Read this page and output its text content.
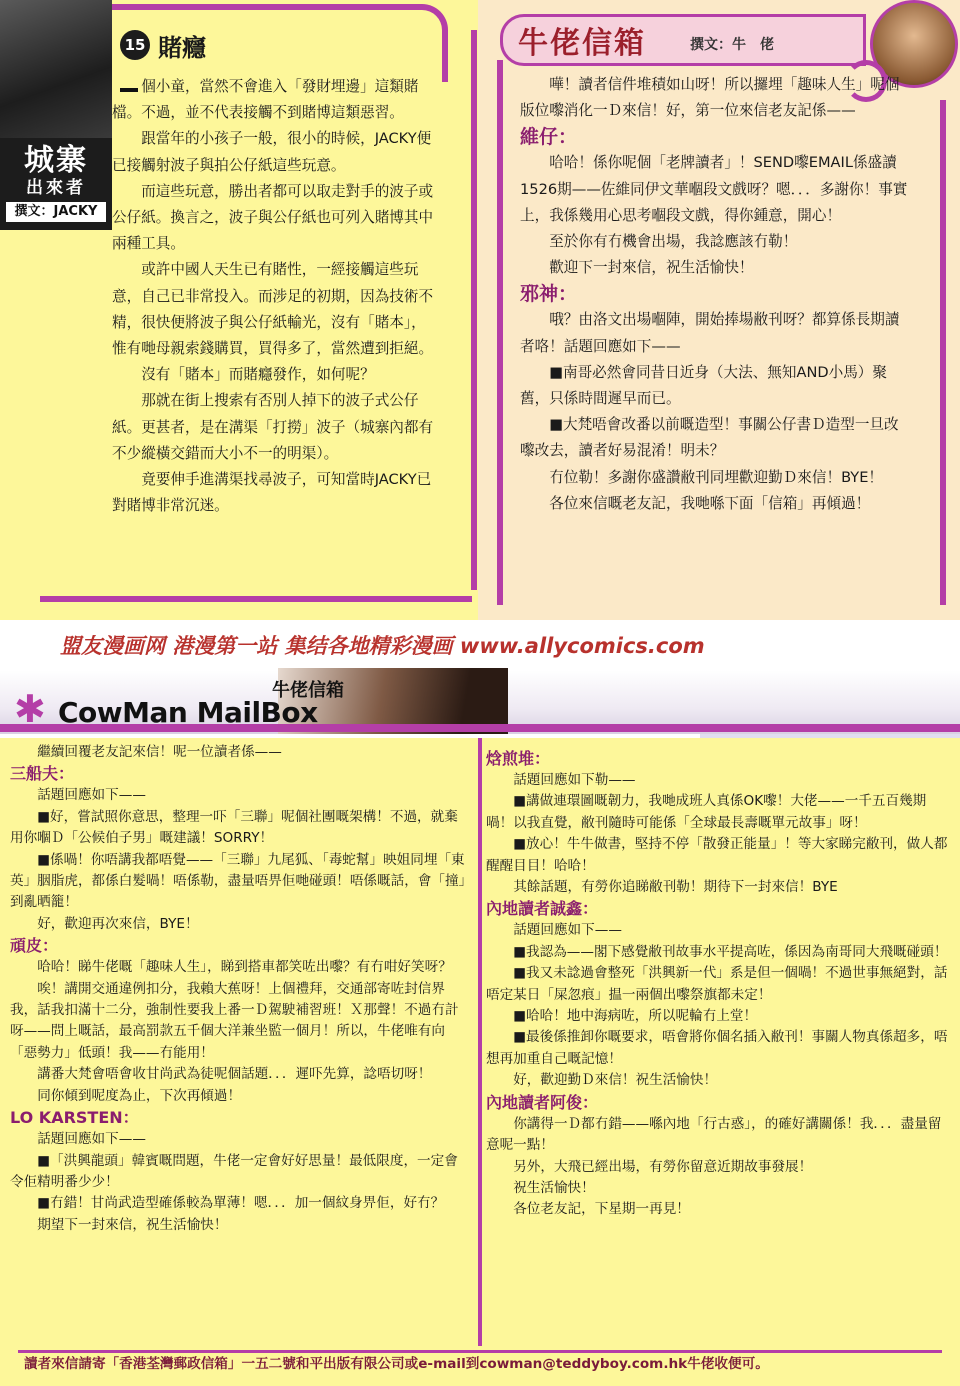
城寨
出來者
撰文：JACKY
15 賭癮

個小童，當然不會進入「發財埋邊」這類賭檔。不過，並不代表接觸不到賭博這類惡習。

跟當年的小孩子一般，很小的時候，JACKY便已接觸射波子與拍公仔紙這些玩意。

而這些玩意，勝出者都可以取走對手的波子或公仔紙。換言之，波子與公仔紙也可列入賭博其中兩種工具。

或許中國人天生已有賭性，一經接觸這些玩意，自己已非常投入。而涉足的初期，因為技術不精，很快便將波子與公仔紙輸光，沒有「賭本」，惟有哋母親索錢購買，買得多了，當然遭到拒絕。

沒有「賭本」而賭癮發作，如何呢？

那就在街上搜索有否別人掉下的波子式公仔紙。更甚者，是在溝渠「打撈」波子（城寨內都有不少縱橫交錯而大小不一的明渠）。

竟要伸手進溝渠找尋波子，可知當時JACKY已對賭博非常沉迷。

牛佬信箱	撰文：牛　佬

嘩！讀者信件堆積如山呀！所以攞埋「趣味人生」呢個版位嚟消化一Ｄ來信！好，第一位來信老友記係——

維仔：

哈哈！係你呢個「老牌讀者」！SEND嚟EMAIL係盛讀1526期——佐維同伊文華嗰段文戲呀？嗯．．．多謝你！事實上，我係幾用心思考嗰段文戲，得你鍾意，開心！

至於你有冇機會出場，我諗應該冇勒！

歡迎下一封來信，祝生活愉快！

邪神：

哦？由洛文出場嗰陣，開始捧場敝刊呀？都算係長期讀者咯！話題回應如下——

■南哥必然會同昔日近身（大法、無知AND小馬）聚舊，只係時間遲早而已。

■大梵唔會改番以前嘅造型！事關公仔書Ｄ造型一旦改嚟改去，讀者好易混淆！明未？

冇位勒！多謝你盛讚敝刊同埋歡迎勤Ｄ來信！BYE！

各位來信嘅老友記，我哋喺下面「信箱」再傾過！

盟友漫画网 港漫第一站 集结各地精彩漫画 www.allycomics.com
牛佬信箱
✱ CowMan MailBox

繼續回覆老友記來信！呢一位讀者係——

三船夫：

話題回應如下——

■好，嘗試照你意思，整理一吓「三聯」呢個社團嘅架構！不過，就棄用你嗰Ｄ「公候伯子男」嘅建議！SORRY！

■係喎！你唔講我都唔覺——「三聯」九尾狐、「毒蛇幫」映姐同埋「東英」胭脂虎，都係白髮喎！唔係勒，盡量唔畀佢哋碰頭！唔係嘅話，會「撞」到亂晒籠！

好，歡迎再次來信，BYE！

頑皮：

哈哈！睇牛佬嘅「趣味人生」，睇到搭車都笑咗出嚟？有冇咁好笑呀？

唉！講開交通違例扣分，我賴大蕉呀！上個禮拜，交通部寄咗封信界我，話我扣滿十二分，強制性要我上番一Ｄ駕駛補習班！Ｘ那聲！不過冇計呀——問上嘅話，最高罰款五千個大洋兼坐監一個月！所以，牛佬唯有向「惡勢力」低頭！我——冇能用！

講番大梵會唔會收甘尚武為徒呢個話題．．．遲吓先算，諗唔切呀！

同你傾到呢度為止，下次再傾過！

LO KARSTEN：

話題回應如下——

■「洪興龍頭」韓賓嘅問題，牛佬一定會好好思量！最低限度，一定會令佢精明番少少！

■冇錯！甘尚武造型確係較為單薄！嗯．．．加一個紋身畀佢，好冇？

期望下一封來信，祝生活愉快！

焓煎堆：

話題回應如下勒——

■講做連環圖嘅韌力，我哋成班人真係OK嚟！大佬——一千五百幾期喎！以我直覺，敝刊隨時可能係「全球最長壽嘅單元故事」呀！

■放心！牛牛做書，堅持不停「散發正能量」！等大家睇完敝刊，做人都醒醒目目！哈哈！

其餘話題，有勞你追睇敝刊勒！期待下一封來信！BYE

內地讀者誠鑫：

話題回應如下——

■我認為——閣下感覺敝刊故事水平提高咗，係因為南哥同大飛嘅碰頭！

■我又未諗過會整死「洪興新一代」系是但一個喎！不過世事無絕對，話唔定某日「屎忽痕」揾一兩個出嚟祭旗都未定！

■哈哈！地中海病咗，所以呢輪冇上堂！

■最後係推卸你嘅要求，唔會將你個名插入敝刊！事關人物真係超多，唔想再加重自己嘅記憶！

好，歡迎勤Ｄ來信！祝生活愉快！

內地讀者阿俊：

你講得一Ｄ都冇錯——喺內地「行古惑」，的確好講關係！我．．．盡量留意呢一點！

另外，大飛已經出場，有勞你留意近期故事發展！

祝生活愉快！

各位老友記，下星期一再見！

讀者來信請寄「香港荃灣郵政信箱」一五二號和平出版有限公司或e-mail到cowman@teddyboy.com.hk牛佬收便可。
